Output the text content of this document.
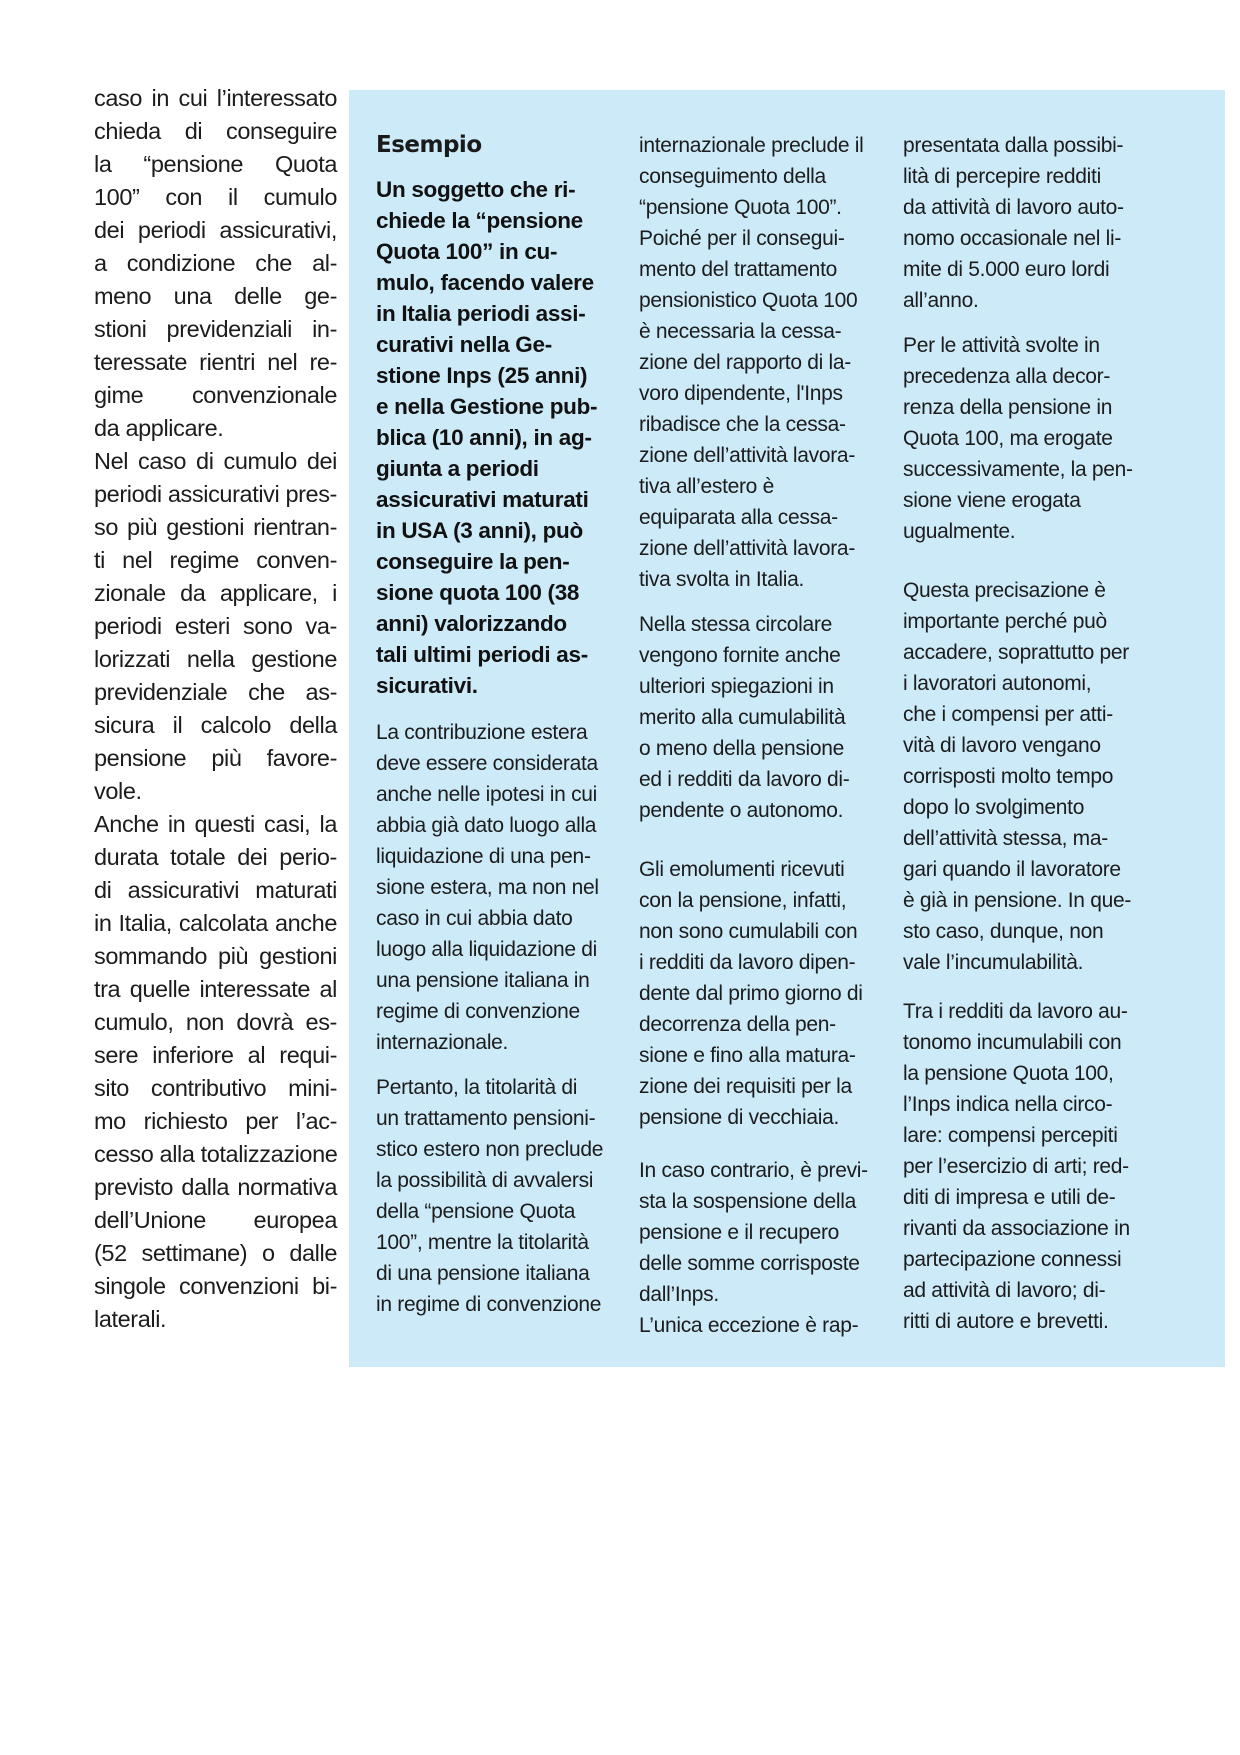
caso in cui l’interessato
chieda di conseguire
la “pensione Quota
100” con il cumulo
dei periodi assicurativi,
a condizione che al-
meno una delle ge-
stioni previdenziali in-
teressate rientri nel re-
gime convenzionale
da applicare.
Nel caso di cumulo dei
periodi assicurativi pres-
so più gestioni rientran-
ti nel regime conven-
zionale da applicare, i
periodi esteri sono va-
lorizzati nella gestione
previdenziale che as-
sicura il calcolo della
pensione più favore-
vole.
Anche in questi casi, la
durata totale dei perio-
di assicurativi maturati
in Italia, calcolata anche
sommando più gestioni
tra quelle interessate al
cumulo, non dovrà es-
sere inferiore al requi-
sito contributivo mini-
mo richiesto per l’ac-
cesso alla totalizzazione
previsto dalla normativa
dell’Unione europea
(52 settimane) o dalle
singole convenzioni bi-
laterali.

Esempio

Un soggetto che ri-
chiede la “pensione
Quota 100” in cu-
mulo, facendo valere
in Italia periodi assi-
curativi nella Ge-
stione Inps (25 anni)
e nella Gestione pub-
blica (10 anni), in ag-
giunta a periodi
assicurativi maturati
in USA (3 anni), può
conseguire la pen-
sione quota 100 (38
anni) valorizzando
tali ultimi periodi as-
sicurativi.

La contribuzione estera
deve essere considerata
anche nelle ipotesi in cui
abbia già dato luogo alla
liquidazione di una pen-
sione estera, ma non nel
caso in cui abbia dato
luogo alla liquidazione di
una pensione italiana in
regime di convenzione
internazionale.

Pertanto, la titolarità di
un trattamento pensioni-
stico estero non preclude
la possibilità di avvalersi
della “pensione Quota
100”, mentre la titolarità
di una pensione italiana
in regime di convenzione

internazionale preclude il
conseguimento della
“pensione Quota 100”.
Poiché per il consegui-
mento del trattamento
pensionistico Quota 100
è necessaria la cessa-
zione del rapporto di la-
voro dipendente, l'Inps
ribadisce che la cessa-
zione dell’attività lavora-
tiva all’estero è
equiparata alla cessa-
zione dell’attività lavora-
tiva svolta in Italia.

Nella stessa circolare
vengono fornite anche
ulteriori spiegazioni in
merito alla cumulabilità
o meno della pensione
ed i redditi da lavoro di-
pendente o autonomo.

Gli emolumenti ricevuti
con la pensione, infatti,
non sono cumulabili con
i redditi da lavoro dipen-
dente dal primo giorno di
decorrenza della pen-
sione e fino alla matura-
zione dei requisiti per la
pensione di vecchiaia.

In caso contrario, è previ-
sta la sospensione della
pensione e il recupero
delle somme corrisposte
dall’Inps.

L’unica eccezione è rap-

presentata dalla possibi-
lità di percepire redditi
da attività di lavoro auto-
nomo occasionale nel li-
mite di 5.000 euro lordi
all’anno.

Per le attività svolte in
precedenza alla decor-
renza della pensione in
Quota 100, ma erogate
successivamente, la pen-
sione viene erogata
ugualmente.

Questa precisazione è
importante perché può
accadere, soprattutto per
i lavoratori autonomi,
che i compensi per atti-
vità di lavoro vengano
corrisposti molto tempo
dopo lo svolgimento
dell’attività stessa, ma-
gari quando il lavoratore
è già in pensione. In que-
sto caso, dunque, non
vale l’incumulabilità.

Tra i redditi da lavoro au-
tonomo incumulabili con
la pensione Quota 100,
l’Inps indica nella circo-
lare: compensi percepiti
per l’esercizio di arti; red-
diti di impresa e utili de-
rivanti da associazione in
partecipazione connessi
ad attività di lavoro; di-
ritti di autore e brevetti.
